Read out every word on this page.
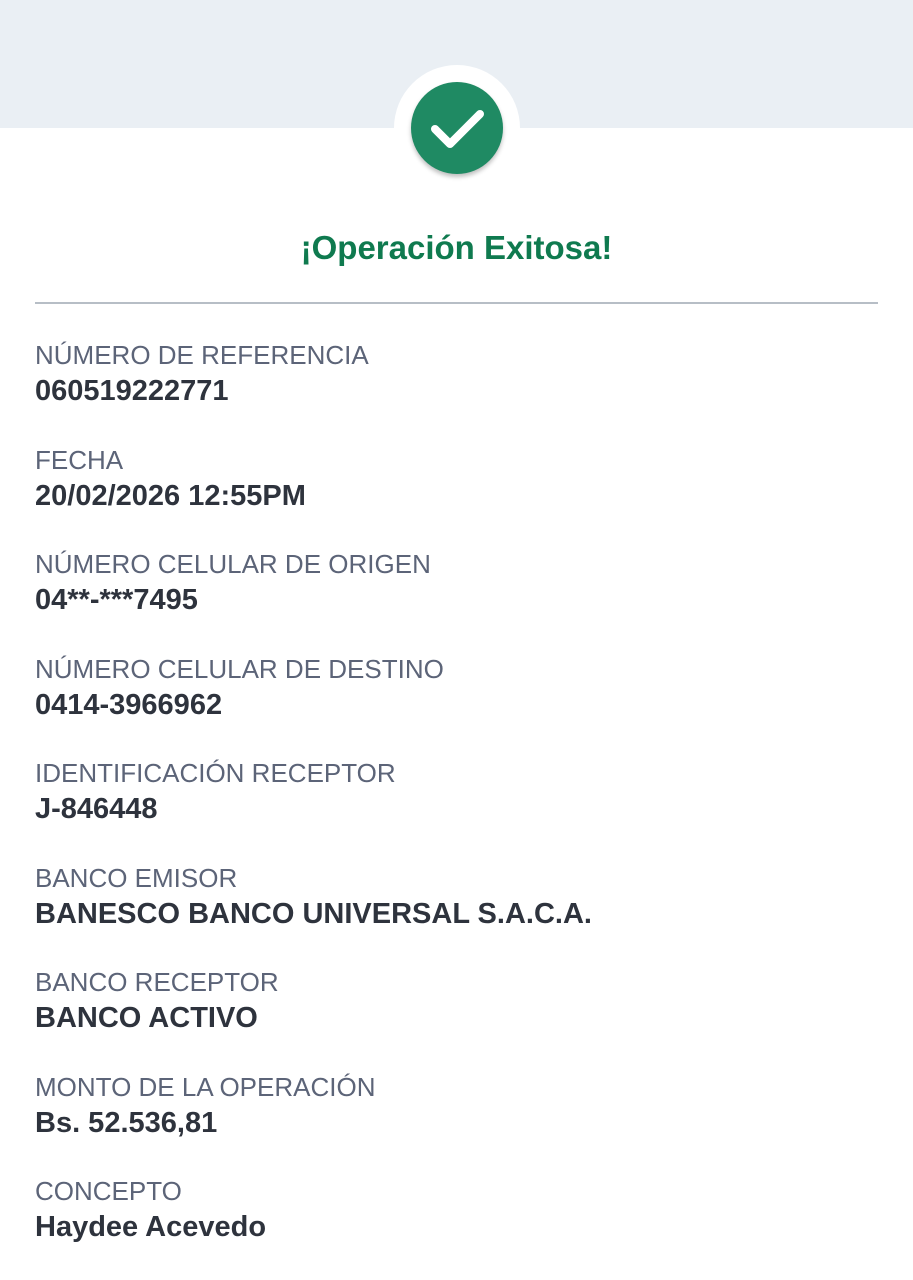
¡Operación Exitosa!
NÚMERO DE REFERENCIA
060519222771
FECHA
20/02/2026 12:55PM
NÚMERO CELULAR DE ORIGEN
04**-***7495
NÚMERO CELULAR DE DESTINO
0414-3966962
IDENTIFICACIÓN RECEPTOR
J-846448
BANCO EMISOR
BANESCO BANCO UNIVERSAL S.A.C.A.
BANCO RECEPTOR
BANCO ACTIVO
MONTO DE LA OPERACIÓN
Bs. 52.536,81
CONCEPTO
Haydee Acevedo
